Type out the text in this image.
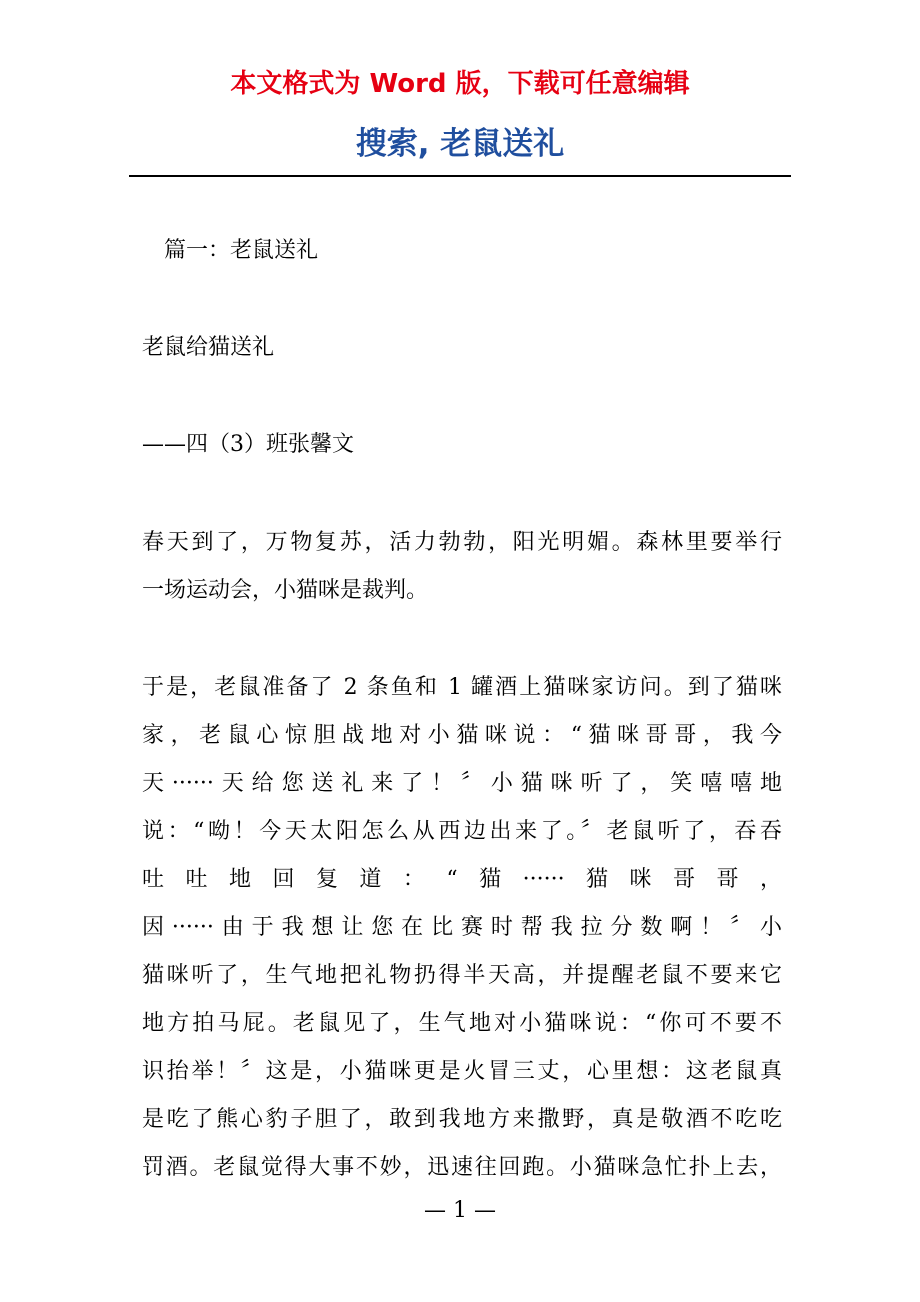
本文格式为 Word 版，下载可任意编辑
搜索, 老鼠送礼
篇一：老鼠送礼
老鼠给猫送礼
——四（3）班张馨文
春天到了，万物复苏，活力勃勃，阳光明媚。森林里要举行
一场运动会，小猫咪是裁判。
于是，老鼠准备了 2 条鱼和 1 罐酒上猫咪家访问。到了猫咪
家，老鼠心惊胆战地对小猫咪说：“猫咪哥哥，我今
天······天给您送礼来了！〞小猫咪听了，笑嘻嘻地
说：“呦！今天太阳怎么从西边出来了。〞老鼠听了，吞吞
吐吐地回复道：“猫······猫咪哥哥，
因······由于我想让您在比赛时帮我拉分数啊！〞小
猫咪听了，生气地把礼物扔得半天高，并提醒老鼠不要来它
地方拍马屁。老鼠见了，生气地对小猫咪说：“你可不要不
识抬举！〞这是，小猫咪更是火冒三丈，心里想：这老鼠真
是吃了熊心豹子胆了，敢到我地方来撒野，真是敬酒不吃吃
罚酒。老鼠觉得大事不妙，迅速往回跑。小猫咪急忙扑上去，
— 1 —
